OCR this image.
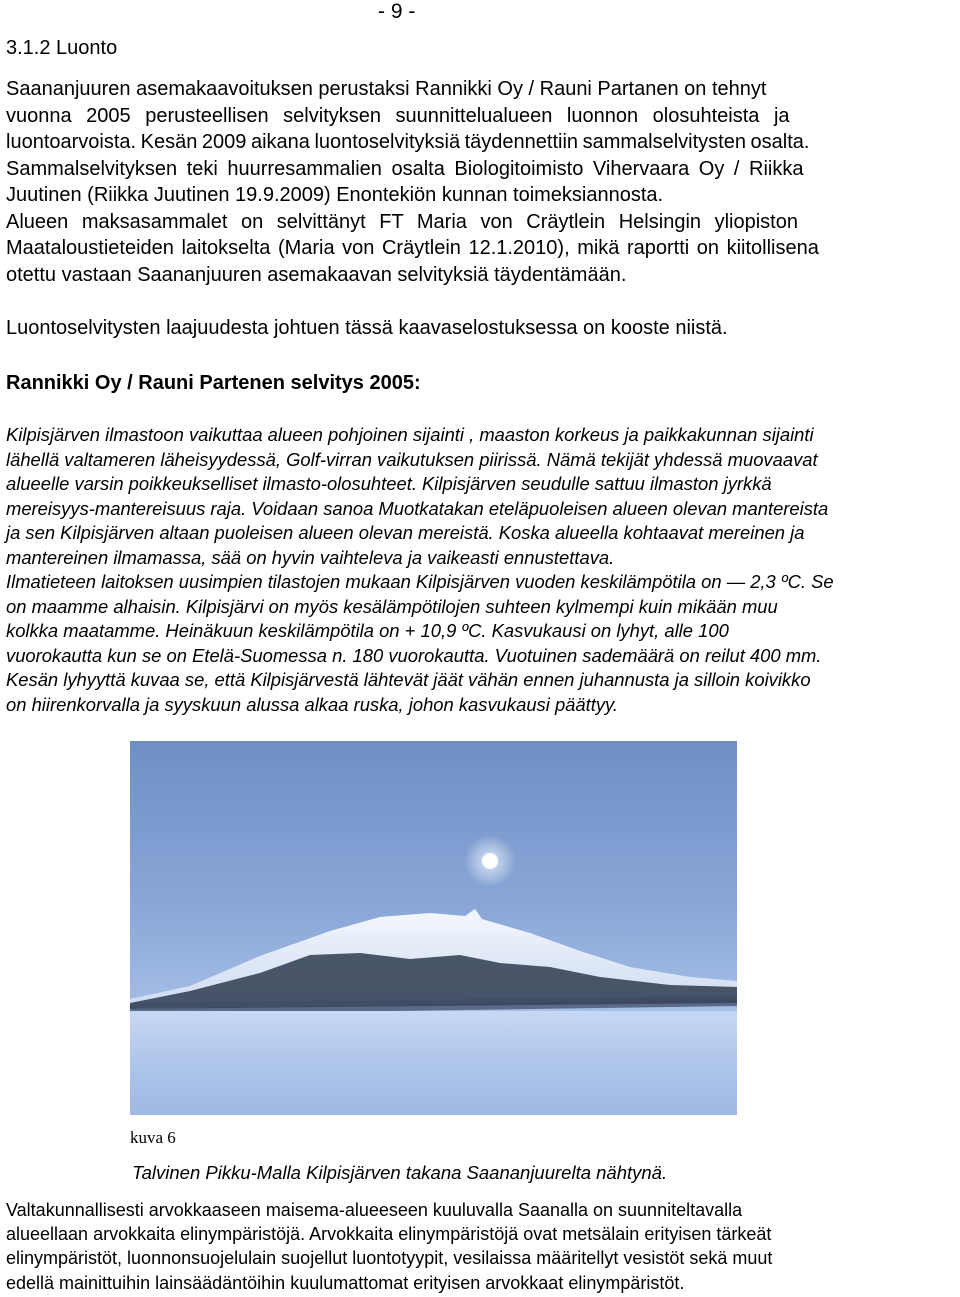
- 9 -
3.1.2 Luonto
Saananjuuren asemakaavoituksen perustaksi Rannikki Oy / Rauni Partanen on tehnyt
vuonna 2005 perusteellisen selvityksen suunnittelualueen luonnon olosuhteista ja
luontoarvoista. Kesän 2009 aikana luontoselvityksiä täydennettiin sammalselvitysten osalta.
Sammalselvityksen teki huurresammalien osalta Biologitoimisto Vihervaara Oy / Riikka
Juutinen (Riikka Juutinen 19.9.2009) Enontekiön kunnan toimeksiannosta.
Alueen maksasammalet on selvittänyt FT Maria von Cräytlein Helsingin yliopiston
Maataloustieteiden laitokselta (Maria von Cräytlein 12.1.2010), mikä raportti on kiitollisena
otettu vastaan Saananjuuren asemakaavan selvityksiä täydentämään.
Luontoselvitysten laajuudesta johtuen tässä kaavaselostuksessa on kooste niistä.
Rannikki Oy / Rauni Partenen selvitys 2005:
Kilpisjärven ilmastoon vaikuttaa alueen pohjoinen sijainti , maaston korkeus ja paikkakunnan sijainti
lähellä valtameren läheisyydessä, Golf-virran vaikutuksen piirissä. Nämä tekijät yhdessä muovaavat
alueelle varsin poikkeukselliset ilmasto-olosuhteet. Kilpisjärven seudulle sattuu ilmaston jyrkkä
mereisyys-mantereisuus raja. Voidaan sanoa Muotkatakan eteläpuoleisen alueen olevan mantereista
ja sen Kilpisjärven altaan puoleisen alueen olevan mereistä. Koska alueella kohtaavat mereinen ja
mantereinen ilmamassa, sää on hyvin vaihteleva ja vaikeasti ennustettava.
Ilmatieteen laitoksen uusimpien tilastojen mukaan Kilpisjärven vuoden keskilämpötila on — 2,3 ºC. Se
on maamme alhaisin. Kilpisjärvi on myös kesälämpötilojen suhteen kylmempi kuin mikään muu
kolkka maatamme. Heinäkuun keskilämpötila on + 10,9 ºC. Kasvukausi on lyhyt, alle 100
vuorokautta kun se on Etelä-Suomessa n. 180 vuorokautta. Vuotuinen sademäärä on reilut 400 mm.
Kesän lyhyyttä kuvaa se, että Kilpisjärvestä lähtevät jäät vähän ennen juhannusta ja silloin koivikko
on hiirenkorvalla ja syyskuun alussa alkaa ruska, johon kasvukausi päättyy.
kuva 6
Talvinen Pikku-Malla Kilpisjärven takana Saananjuurelta nähtynä.
Valtakunnallisesti arvokkaaseen maisema-alueeseen kuuluvalla Saanalla on suunniteltavalla
alueellaan arvokkaita elinympäristöjä. Arvokkaita elinympäristöjä ovat metsälain erityisen tärkeät
elinympäristöt, luonnonsuojelulain suojellut luontotyypit, vesilaissa määritellyt vesistöt sekä muut
edellä mainittuihin lainsäädäntöihin kuulumattomat erityisen arvokkaat elinympäristöt.
